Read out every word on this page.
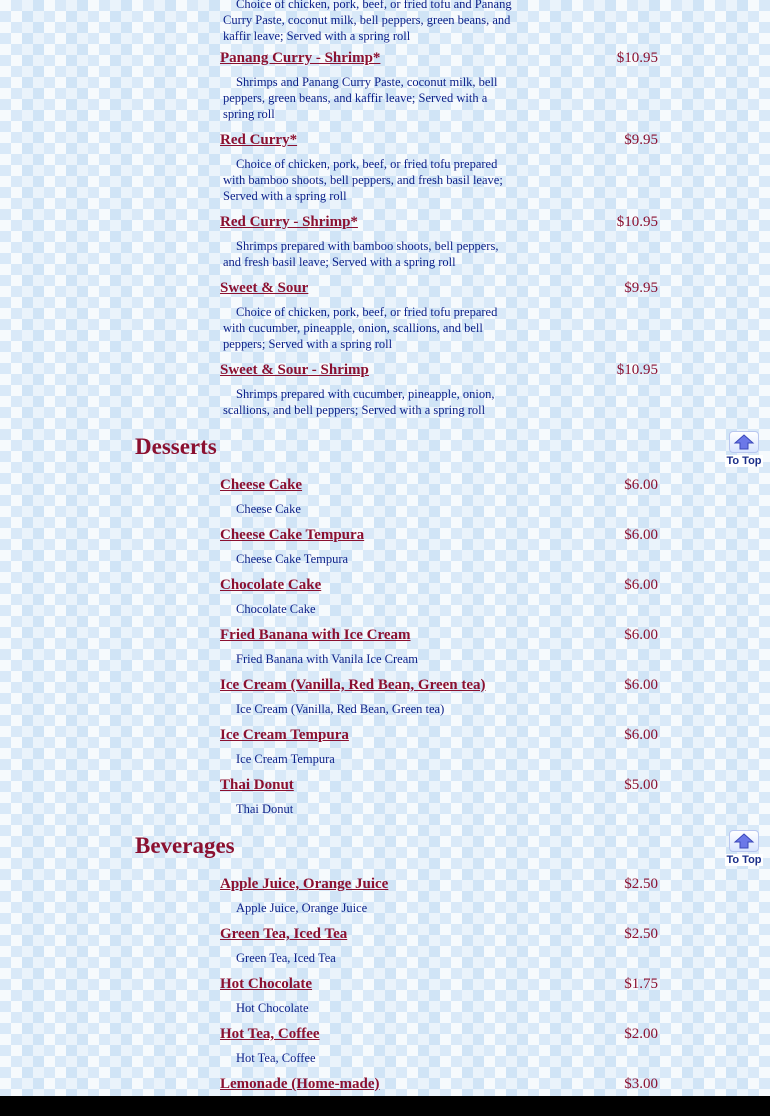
Choice of chicken, pork, beef, or fried tofu and Panang Curry Paste, coconut milk, bell peppers, green beans, and kaffir leave; Served with a spring roll
Panang Curry - Shrimp*	$10.95
Shrimps and Panang Curry Paste, coconut milk, bell peppers, green beans, and kaffir leave; Served with a spring roll
Red Curry*	$9.95
Choice of chicken, pork, beef, or fried tofu prepared with bamboo shoots, bell peppers, and fresh basil leave; Served with a spring roll
Red Curry - Shrimp*	$10.95
Shrimps prepared with bamboo shoots, bell peppers, and fresh basil leave; Served with a spring roll
Sweet & Sour	$9.95
Choice of chicken, pork, beef, or fried tofu prepared with cucumber, pineapple, onion, scallions, and bell peppers; Served with a spring roll
Sweet & Sour - Shrimp	$10.95
Shrimps prepared with cucumber, pineapple, onion, scallions, and bell peppers; Served with a spring roll
Desserts
To Top
Cheese Cake	$6.00
Cheese Cake
Cheese Cake Tempura	$6.00
Cheese Cake Tempura
Chocolate Cake	$6.00
Chocolate Cake
Fried Banana with Ice Cream	$6.00
Fried Banana with Vanila Ice Cream
Ice Cream (Vanilla, Red Bean, Green tea)	$6.00
Ice Cream (Vanilla, Red Bean, Green tea)
Ice Cream Tempura	$6.00
Ice Cream Tempura
Thai Donut	$5.00
Thai Donut
Beverages
To Top
Apple Juice, Orange Juice	$2.50
Apple Juice, Orange Juice
Green Tea, Iced Tea	$2.50
Green Tea, Iced Tea
Hot Chocolate	$1.75
Hot Chocolate
Hot Tea, Coffee	$2.00
Hot Tea, Coffee
Lemonade (Home-made)	$3.00
